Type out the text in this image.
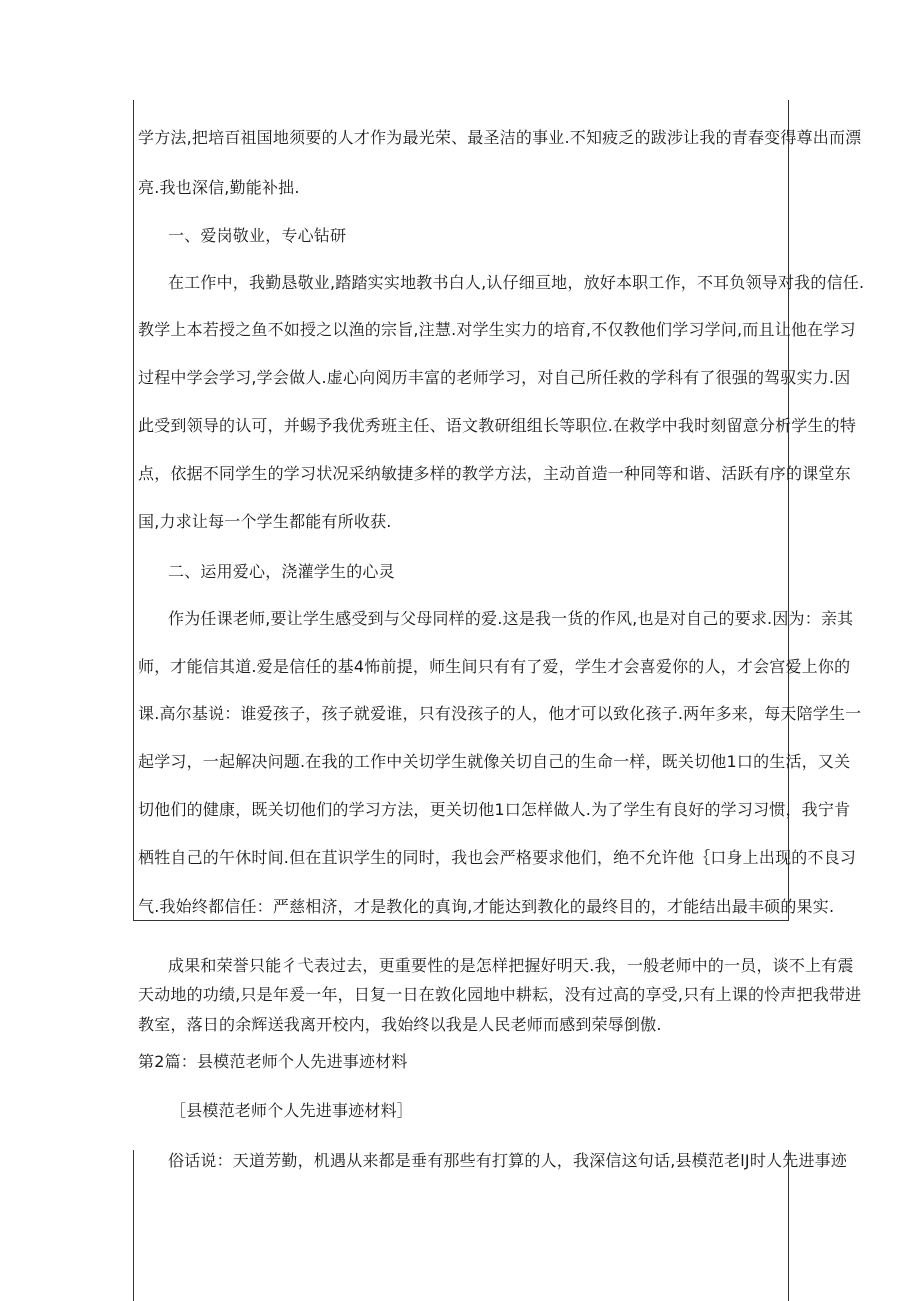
学方法,把培百祖国地须要的人才作为最光荣、最圣洁的事业.不知疲乏的跋涉让我的青春变得尊出而漂
亮.我也深信,勤能补拙.
一、爱岗敬业，专心钻研
在工作中，我勤恳敬业,踏踏实实地教书白人,认仔细亘地，放好本职工作，不耳负领导对我的信任.
教学上本若授之鱼不如授之以渔的宗旨,注慧.对学生实力的培育,不仅教他们学习学问,而且让他在学习
过程中学会学习,学会做人.虚心向阅历丰富的老师学习，对自己所任救的学科有了很强的驾驭实力.因
此受到领导的认可，并蜴予我优秀班主任、语文教研组组长等职位.在救学中我时刻留意分析学生的特
点，依据不同学生的学习状况采纳敏捷多样的教学方法，主动首造一种同等和谐、活跃有序的课堂东
国,力求让每一个学生都能有所收获.
二、运用爱心，浇灌学生的心灵
作为任课老师,要让学生感受到与父母同样的爱.这是我一货的作风,也是对自己的要求.因为：亲其
师，才能信其道.爱是信任的基4怖前提，师生间只有有了爱，学生才会喜爱你的人，才会宫爱上你的
课.高尔基说：谁爱孩子，孩子就爱谁，只有没孩子的人，他才可以致化孩子.两年多来，每天陪学生一
起学习，一起解决问题.在我的工作中关切学生就像关切自己的生命一样，既关切他1口的生活，又关
切他们的健康，既关切他们的学习方法，更关切他1口怎样做人.为了学生有良好的学习习惯，我宁肯
栖牲自己的午休时间.但在苴识学生的同时，我也会严格要求他们，绝不允许他｛口身上出现的不良习
气.我始终都信任：严慈相济，才是教化的真询,才能达到教化的最终目的，才能结出最丰硕的果实.
成果和荣誉只能彳弋表过去，更重要性的是怎样把握好明天.我，一般老师中的一员，谈不上有震
天动地的功绩,只是年爰一年，日复一日在敦化园地中耕耘，没有过高的享受,只有上课的怜声把我带进
教室，落日的余辉送我离开校内，我始终以我是人民老师而感到荣辱倒傲.
第2篇：县模范老师个人先进事迹材料
［县模范老师个人先进事迹材料］
俗话说：天道芳勤，机遇从来都是垂有那些有打算的人，我深信这句话,县模范老lJ时人先进事迹
